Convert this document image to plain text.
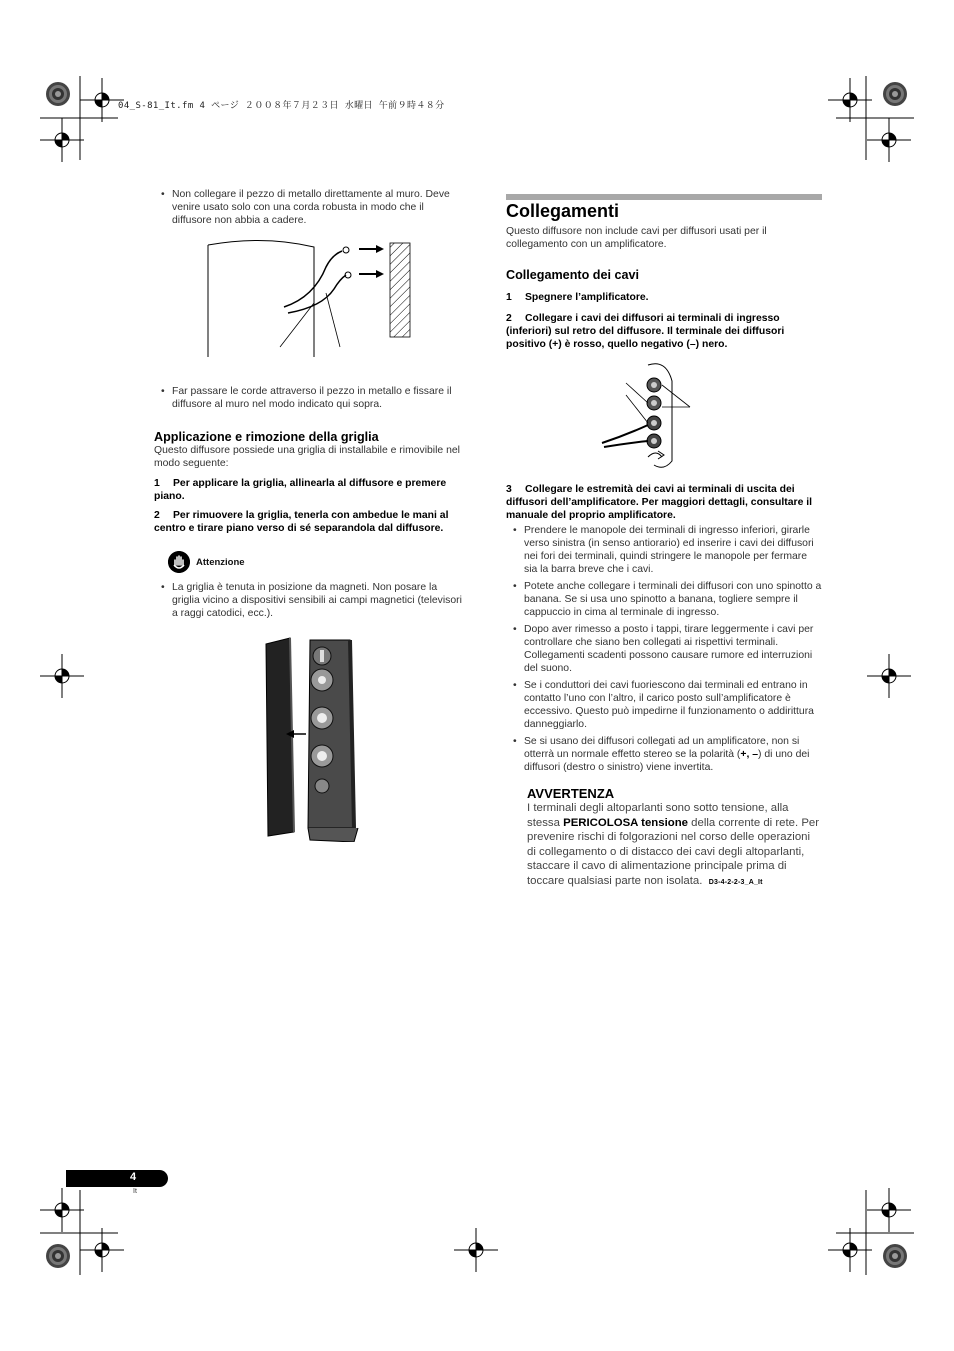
04_S-81_It.fm 4 ページ ２００８年７月２３日 水曜日 午前９時４８分

• Non collegare il pezzo di metallo direttamente al muro. Deve venire usato solo con una corda robusta in modo che il diffusore non abbia a cadere.

• Far passare le corde attraverso il pezzo in metallo e fissare il diffusore al muro nel modo indicato qui sopra.

Applicazione e rimozione della griglia
Questo diffusore possiede una griglia di installabile e rimovibile nel modo seguente:
1 Per applicare la griglia, allinearla al diffusore e premere piano.
2 Per rimuovere la griglia, tenerla con ambedue le mani al centro e tirare piano verso di sé separandola dal diffusore.
Attenzione

• La griglia è tenuta in posizione da magneti. Non posare la griglia vicino a dispositivi sensibili ai campi magnetici (televisori a raggi catodici, ecc.).

Collegamenti
Questo diffusore non include cavi per diffusori usati per il collegamento con un amplificatore.
Collegamento dei cavi
1 Spegnere l’amplificatore.
2 Collegare i cavi dei diffusori ai terminali di ingresso (inferiori) sul retro del diffusore. Il terminale dei diffusori positivo (+) è rosso, quello negativo (–) nero.
3 Collegare le estremità dei cavi ai terminali di uscita dei diffusori dell’amplificatore. Per maggiori dettagli, consultare il manuale del proprio amplificatore.

• Prendere le manopole dei terminali di ingresso inferiori, girarle verso sinistra (in senso antiorario) ed inserire i cavi dei diffusori nei fori dei terminali, quindi stringere le manopole per fermare sia la barra breve che i cavi.

• Potete anche collegare i terminali dei diffusori con uno spinotto a banana. Se si usa uno spinotto a banana, togliere sempre il cappuccio in cima al terminale di ingresso.

• Dopo aver rimesso a posto i tappi, tirare leggermente i cavi per controllare che siano ben collegati ai rispettivi terminali. Collegamenti scadenti possono causare rumore ed interruzioni del suono.

• Se i conduttori dei cavi fuoriescono dai terminali ed entrano in contatto l’uno con l’altro, il carico posto sull’amplificatore è eccessivo. Questo può impedirne il funzionamento o addirittura danneggiarlo.

• Se si usano dei diffusori collegati ad un amplificatore, non si otterrà un normale effetto stereo se la polarità (+, –) di uno dei diffusori (destro o sinistro) viene invertita.

AVVERTENZA
I terminali degli altoparlanti sono sotto tensione, alla stessa PERICOLOSA tensione della corrente di rete. Per prevenire rischi di folgorazioni nel corso delle operazioni di collegamento o di distacco dei cavi degli altoparlanti, staccare il cavo di alimentazione principale prima di toccare qualsiasi parte non isolata. D3-4-2-2-3_A_It
4
It
